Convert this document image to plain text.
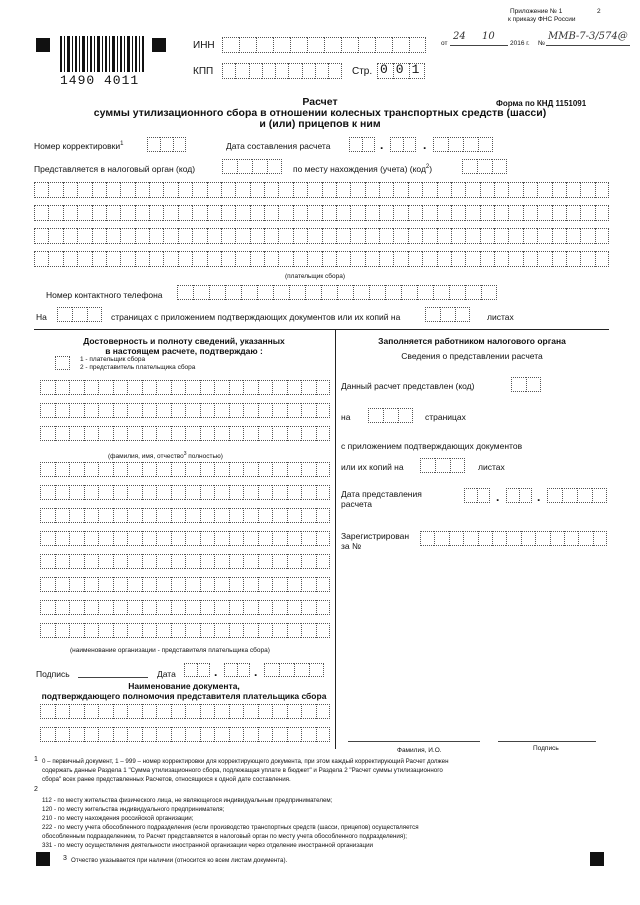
1490 4011
ИНН
КПП	Стр. 001
Приложение № 1	2
к приказу ФНС России
от
24 10
2016 г. №
ММВ-7-3/574@
Расчет
суммы утилизационного сбора в отношении колесных транспортных средств (шасси)
и (или) прицепов к ним
Форма по КНД 1151091
Номер корректировки$^1$	Дата составления расчета	.	.
Представляется в налоговый орган (код)	по месту нахождения (учета) (код$^2$)
(плательщик сбора)
Номер контактного телефона
На	страницах с приложением подтверждающих документов или их копий на	листах
Достоверность и полноту сведений, указанных
в настоящем расчете, подтверждаю :
1 - плательщик сбора
2 - представитель плательщика сбора
(фамилия, имя, отчество$^3$ полностью)
(наименование организации - представителя плательщика сбора)
Подпись	Дата	.	.
Наименование документа,
подтверждающего полномочия представителя плательщика сбора
Заполняется работником налогового органа
Сведения о представлении расчета
Данный расчет представлен (код)
на	страницах
с приложением подтверждающих документов
или их копий на	листах
Дата представления
расчета	.	.
Зарегистрирован
за №
Фамилия, И.О.	Подпись
1 0 – первичный документ, 1 – 999 – номер корректировки для корректирующего документа, при этом каждый корректирующий Расчет должен
содержать данные Раздела 1 "Сумма утилизационного сбора, подлежащая уплате в бюджет" и Раздела 2 "Расчет суммы утилизационного
сбора" всех ранее представленных Расчетов, относящихся к одной дате составления.
2
112 - по месту жительства физического лица, не являющегося индивидуальным предпринимателем;
120 - по месту жительства индивидуального предпринимателя;
210 - по месту нахождения российской организации;
222 - по месту учета обособленного подразделения (если производство транспортных средств (шасси, прицепов) осуществляется
обособленным подразделением, то Расчет представляется в налоговый орган по месту учета обособленного подразделения);
331 - по месту осуществления деятельности иностранной организации через отделение иностранной организации
3 Отчество указывается при наличии (относится ко всем листам документа).
